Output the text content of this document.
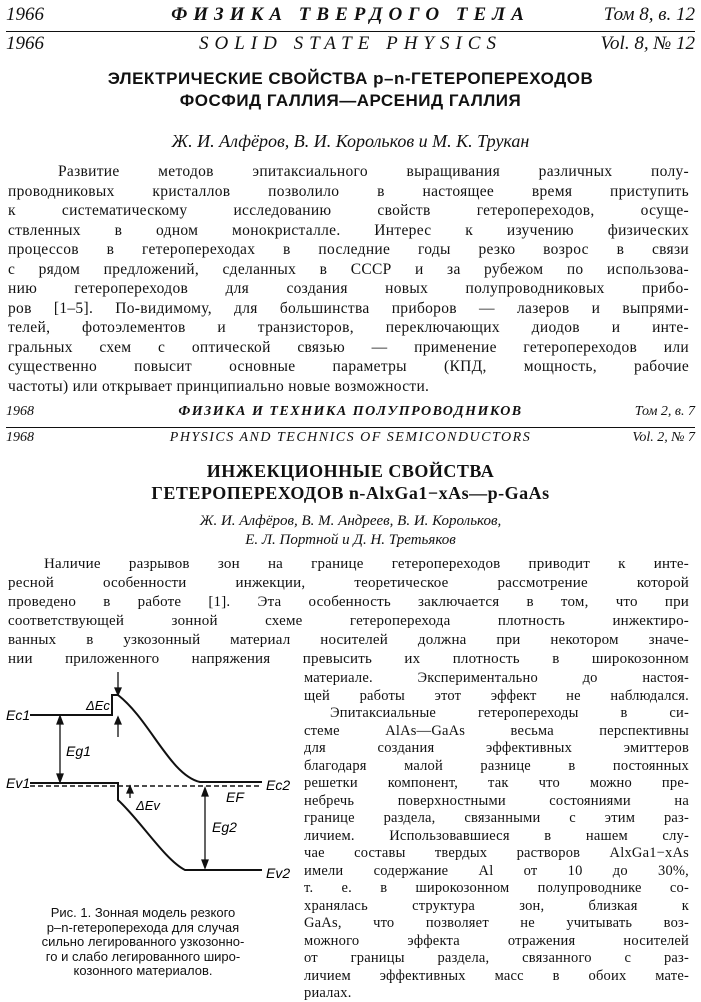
1966	ФИЗИКА ТВЕРДОГО ТЕЛА	Том 8, в. 12
1966	SOLID STATE PHYSICS	Vol. 8, № 12
ЭЛЕКТРИЧЕСКИЕ СВОЙСТВА p–n-ГЕТЕРОПЕРЕХОДОВ
ФОСФИД ГАЛЛИЯ—АРСЕНИД ГАЛЛИЯ
Ж. И. Алфёров, В. И. Корольков и М. К. Трукан
Развитие методов эпитаксиального выращивания различных полу-
проводниковых кристаллов позволило в настоящее время приступить
к систематическому исследованию свойств гетеропереходов, осуще-
ствленных в одном монокристалле. Интерес к изучению физических
процессов в гетеропереходах в последние годы резко возрос в связи
с рядом предложений, сделанных в СССР и за рубежом по использова-
нию гетеропереходов для создания новых полупроводниковых прибо-
ров [1–5]. По-видимому, для большинства приборов — лазеров и выпрями-
телей, фотоэлементов и транзисторов, переключающих диодов и инте-
гральных схем с оптической связью — применение гетеропереходов или
существенно повысит основные параметры (КПД, мощность, рабочие
частоты) или открывает принципиально новые возможности.
1968	ФИЗИКА И ТЕХНИКА ПОЛУПРОВОДНИКОВ	Том 2, в. 7
1968	PHYSICS AND TECHNICS OF SEMICONDUCTORS	Vol. 2, № 7
ИНЖЕКЦИОННЫЕ СВОЙСТВА
ГЕТЕРОПЕРЕХОДОВ n-AlxGa1−xAs—p-GaAs
Ж. И. Алфёров, В. М. Андреев, В. И. Корольков,
Е. Л. Портной и Д. Н. Третьяков
Наличие разрывов зон на границе гетеропереходов приводит к инте-
ресной особенности инжекции, теоретическое рассмотрение которой
проведено в работе [1]. Эта особенность заключается в том, что при
соответствующей зонной схеме гетероперехода плотность инжектиро-
ванных в узкозонный материал носителей должна при некотором значе-
нии приложенного напряжения превысить их плотность в широкозонном
материале. Экспериментально до настоя-
щей работы этот эффект не наблюдался.
Эпитаксиальные гетеропереходы в си-
стеме AlAs—GaAs весьма перспективны
для создания эффективных эмиттеров
благодаря малой разнице в постоянных
решетки компонент, так что можно пре-
небречь поверхностными состояниями на
границе раздела, связанными с этим раз-
личием. Использовавшиеся в нашем слу-
чае составы твердых растворов AlxGa1−xAs
имели содержание Al от 10 до 30%,
т. е. в широкозонном полупроводнике со-
хранялась структура зон, близкая к
GaAs, что позволяет не учитывать воз-
можного эффекта отражения носителей
от границы раздела, связанного с раз-
личием эффективных масс в обоих мате-
риалах.
Ec1
Ev1
Eg1
ΔEc
ΔEv
EF
Ec2
Eg2
Ev2
Рис. 1. Зонная модель резкого
p–n-гетероперехода для случая
сильно легированного узкозонно-
го и слабо легированного широ-
козонного материалов.
